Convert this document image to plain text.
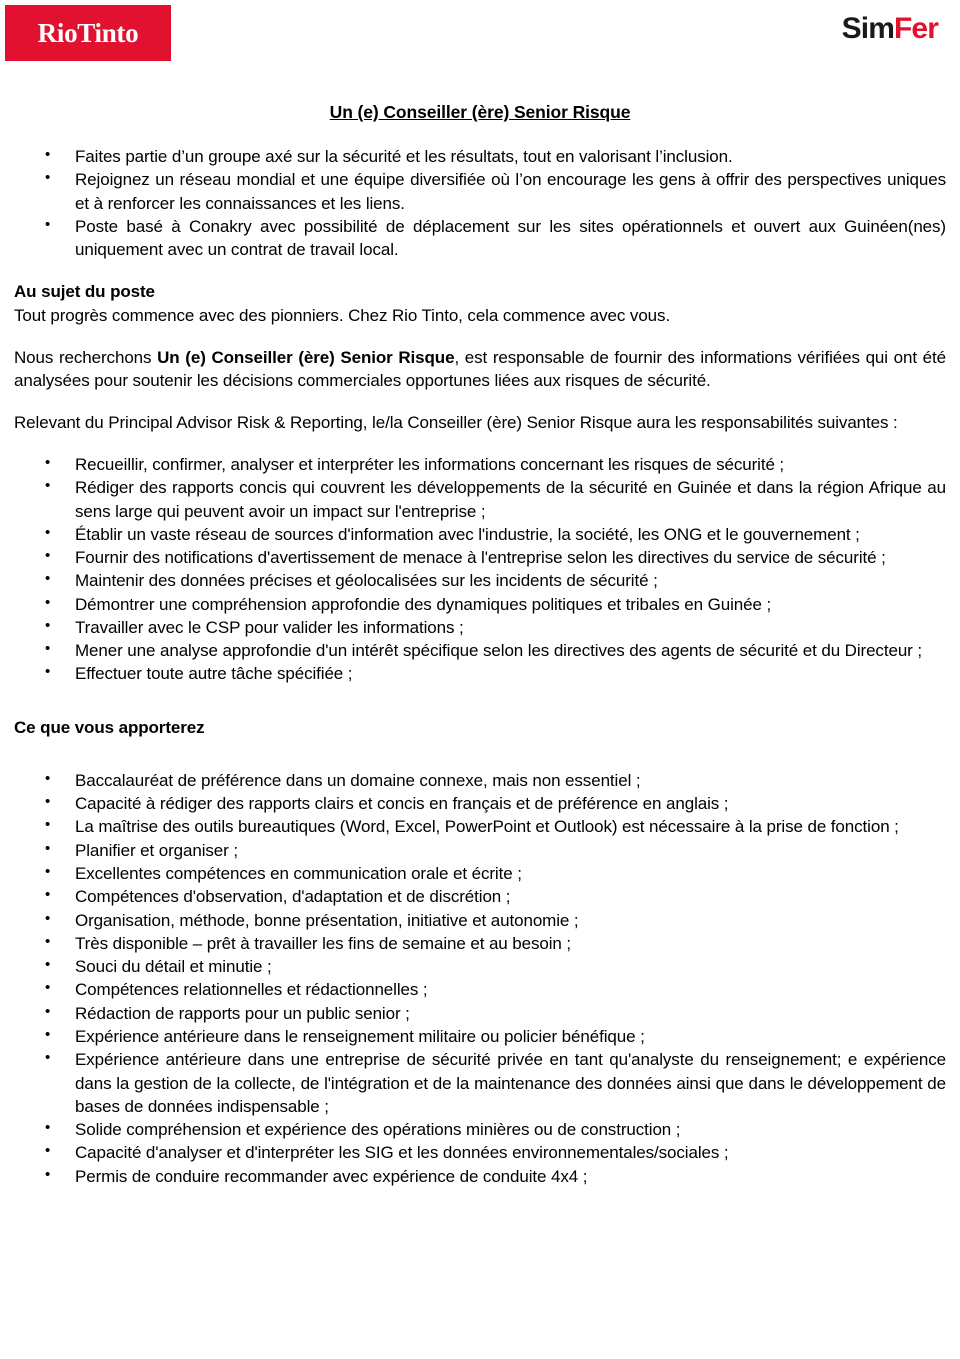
RioTinto	SimFer
Un (e) Conseiller (ère) Senior Risque
• Faites partie d’un groupe axé sur la sécurité et les résultats, tout en valorisant l’inclusion.
• Rejoignez un réseau mondial et une équipe diversifiée où l’on encourage les gens à offrir des perspectives uniques et à renforcer les connaissances et les liens.
• Poste basé à Conakry avec possibilité de déplacement sur les sites opérationnels et ouvert aux Guinéen(nes) uniquement avec un contrat de travail local.

Au sujet du poste

Tout progrès commence avec des pionniers. Chez Rio Tinto, cela commence avec vous.

Nous recherchons Un (e) Conseiller (ère) Senior Risque, est responsable de fournir des informations vérifiées qui ont été analysées pour soutenir les décisions commerciales opportunes liées aux risques de sécurité.

Relevant du Principal Advisor Risk & Reporting, le/la Conseiller (ère) Senior Risque aura les responsabilités suivantes :

• Recueillir, confirmer, analyser et interpréter les informations concernant les risques de sécurité ;
• Rédiger des rapports concis qui couvrent les développements de la sécurité en Guinée et dans la région Afrique au sens large qui peuvent avoir un impact sur l'entreprise ;
• Établir un vaste réseau de sources d'information avec l'industrie, la société, les ONG et le gouvernement ;
• Fournir des notifications d'avertissement de menace à l'entreprise selon les directives du service de sécurité ;
• Maintenir des données précises et géolocalisées sur les incidents de sécurité ;
• Démontrer une compréhension approfondie des dynamiques politiques et tribales en Guinée ;
• Travailler avec le CSP pour valider les informations ;
• Mener une analyse approfondie d'un intérêt spécifique selon les directives des agents de sécurité et du Directeur ;
• Effectuer toute autre tâche spécifiée ;

Ce que vous apporterez

• Baccalauréat de préférence dans un domaine connexe, mais non essentiel ;
• Capacité à rédiger des rapports clairs et concis en français et de préférence en anglais ;
• La maîtrise des outils bureautiques (Word, Excel, PowerPoint et Outlook) est nécessaire à la prise de fonction ;
• Planifier et organiser ;
• Excellentes compétences en communication orale et écrite ;
• Compétences d'observation, d'adaptation et de discrétion ;
• Organisation, méthode, bonne présentation, initiative et autonomie ;
• Très disponible – prêt à travailler les fins de semaine et au besoin ;
• Souci du détail et minutie ;
• Compétences relationnelles et rédactionnelles ;
• Rédaction de rapports pour un public senior ;
• Expérience antérieure dans le renseignement militaire ou policier bénéfique ;
• Expérience antérieure dans une entreprise de sécurité privée en tant qu'analyste du renseignement; e expérience dans la gestion de la collecte, de l'intégration et de la maintenance des données ainsi que dans le développement de bases de données indispensable ;
• Solide compréhension et expérience des opérations minières ou de construction ;
• Capacité d'analyser et d'interpréter les SIG et les données environnementales/sociales ;
• Permis de conduire recommander avec expérience de conduite 4x4 ;
